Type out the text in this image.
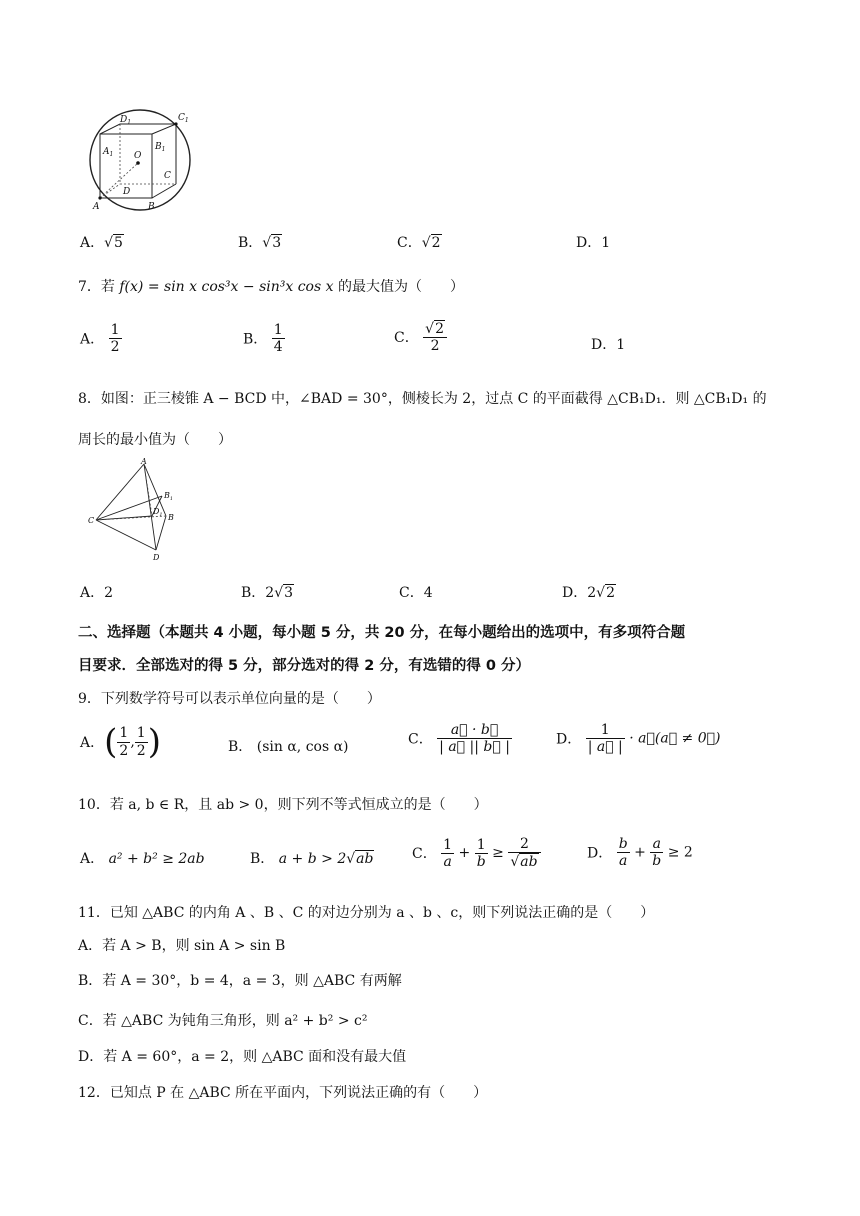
$D_1$	$C_1$
$A_1$
$B_1$
O
C
D
A	B
A．√5	B．√3	C．√2	D．1
7．若 f(x) = sin x cos³x − sin³x cos x 的最大值为（　　）
A． $\frac{1}{2}$	B． $\frac{1}{4}$	C． $\frac{√2}{2}$	D．1
8．如图：正三棱锥 A − BCD 中，∠BAD = 30°，侧棱长为 2，过点 C 的平面截得 △CB₁D₁．则 △CB₁D₁ 的
周长的最小值为（　　）
A
$B_1$
$D_1$
C	B
D
A．2	B．2√3	C．4	D．2√2
二、选择题（本题共 4 小题，每小题 5 分，共 20 分，在每小题给出的选项中，有多项符合题
目要求．全部选对的得 5 分，部分选对的得 2 分，有选错的得 0 分）
9．下列数学符号可以表示单位向量的是（　　）
A．( $\frac{1}{2}$ , $\frac{1}{2}$ )	B． (sin α, cos α)	C． $\frac{a⃗ \cdot b⃗}{| a⃗ || b⃗ |}$	D． $\frac{1}{| a⃗ |}$ · a⃗(a⃗ ≠ 0⃗)
10．若 a, b ∈ R，且 ab > 0，则下列不等式恒成立的是（　　）
A． a² + b² ≥ 2ab	B． a + b > 2√ab	C． $\frac{1}{a} + \frac{1}{b} \ge \frac{2}{√ab}$	D． $\frac{b}{a} + \frac{a}{b} \ge 2$
11．已知 △ABC 的内角 A 、B 、C 的对边分别为 a 、b 、c，则下列说法正确的是（　　）
A．若 A > B，则 sin A > sin B
B．若 A = 30°，b = 4，a = 3，则 △ABC 有两解
C．若 △ABC 为钝角三角形，则 a² + b² > c²
D．若 A = 60°，a = 2，则 △ABC 面和没有最大值
12．已知点 P 在 △ABC 所在平面内，下列说法正确的有（　　）
